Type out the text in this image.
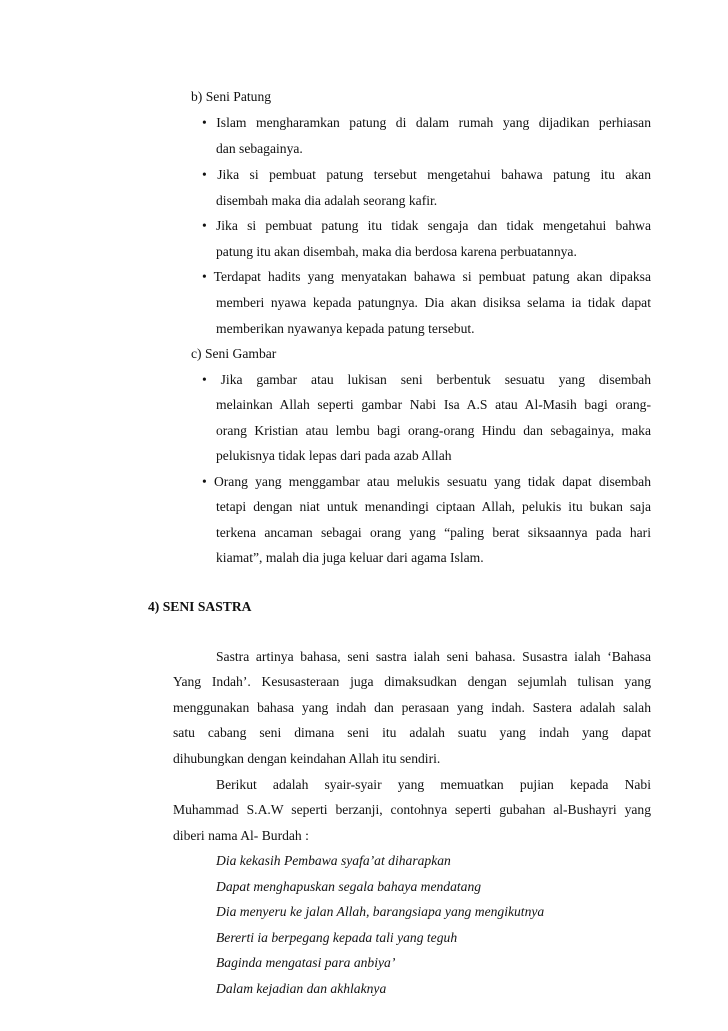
b) Seni Patung
• Islam mengharamkan patung di dalam rumah yang dijadikan perhiasan
dan sebagainya.
• Jika si pembuat patung tersebut mengetahui bahawa patung itu akan
disembah maka dia adalah seorang kafir.
• Jika si pembuat patung itu tidak sengaja dan tidak mengetahui bahwa
patung itu akan disembah, maka dia berdosa karena perbuatannya.
• Terdapat hadits yang menyatakan bahawa si pembuat patung akan dipaksa
memberi nyawa kepada patungnya. Dia akan disiksa selama ia tidak dapat
memberikan nyawanya kepada patung tersebut.
c) Seni Gambar
• Jika gambar atau lukisan seni berbentuk sesuatu yang disembah
melainkan Allah seperti gambar Nabi Isa A.S atau Al-Masih bagi orang-
orang Kristian atau lembu bagi orang-orang Hindu dan sebagainya, maka
pelukisnya tidak lepas dari pada azab Allah
• Orang yang menggambar atau melukis sesuatu yang tidak dapat disembah
tetapi dengan niat untuk menandingi ciptaan Allah, pelukis itu bukan saja
terkena ancaman sebagai orang yang “paling berat siksaannya pada hari
kiamat”, malah dia juga keluar dari agama Islam.
4) SENI SASTRA
Sastra artinya bahasa, seni sastra ialah seni bahasa. Susastra ialah ‘Bahasa
Yang Indah’. Kesusasteraan juga dimaksudkan dengan sejumlah tulisan yang
menggunakan bahasa yang indah dan perasaan yang indah. Sastera adalah salah
satu cabang seni dimana seni itu adalah suatu yang indah yang dapat
dihubungkan dengan keindahan Allah itu sendiri.
Berikut adalah syair-syair yang memuatkan pujian kepada Nabi
Muhammad S.A.W seperti berzanji, contohnya seperti gubahan al-Bushayri yang
diberi nama Al- Burdah :
Dia kekasih Pembawa syafa’at diharapkan
Dapat menghapuskan segala bahaya mendatang
Dia menyeru ke jalan Allah, barangsiapa yang mengikutnya
Bererti ia berpegang kepada tali yang teguh
Baginda mengatasi para anbiya’
Dalam kejadian dan akhlaknya
